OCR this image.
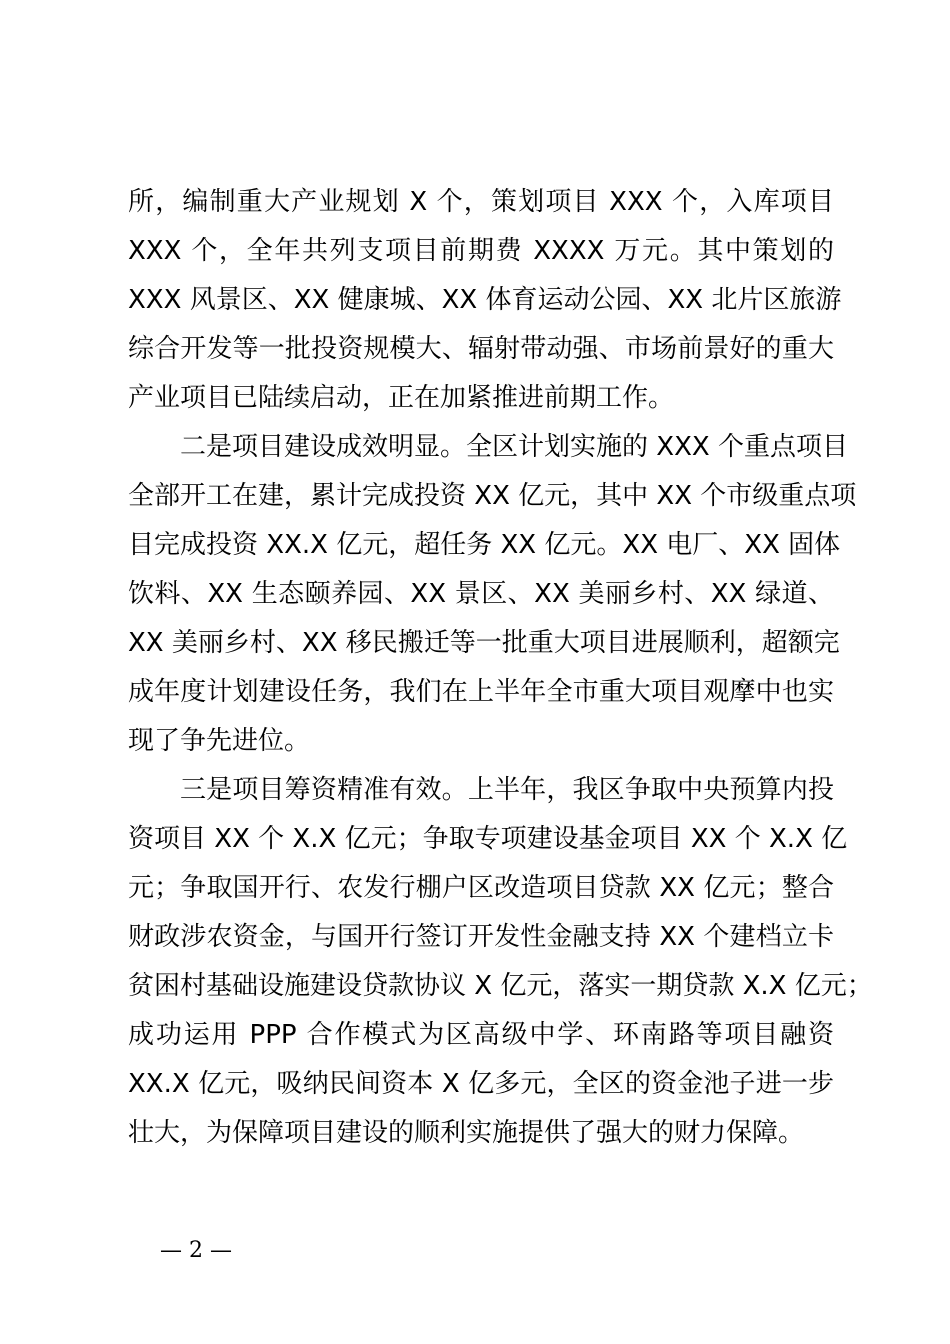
所，编制重大产业规划 X 个，策划项目 XXX 个，入库项目
XXX 个，全年共列支项目前期费 XXXX 万元。其中策划的
XXX 风景区、XX 健康城、XX 体育运动公园、XX 北片区旅游
综合开发等一批投资规模大、辐射带动强、市场前景好的重大
产业项目已陆续启动，正在加紧推进前期工作。
二是项目建设成效明显。全区计划实施的 XXX 个重点项目
全部开工在建，累计完成投资 XX 亿元，其中 XX 个市级重点项
目完成投资 XX.X 亿元，超任务 XX 亿元。XX 电厂、XX 固体
饮料、XX 生态颐养园、XX 景区、XX 美丽乡村、XX 绿道、
XX 美丽乡村、XX 移民搬迁等一批重大项目进展顺利，超额完
成年度计划建设任务，我们在上半年全市重大项目观摩中也实
现了争先进位。
三是项目筹资精准有效。上半年，我区争取中央预算内投
资项目 XX 个 X.X 亿元；争取专项建设基金项目 XX 个 X.X 亿
元；争取国开行、农发行棚户区改造项目贷款 XX 亿元；整合
财政涉农资金，与国开行签订开发性金融支持 XX 个建档立卡
贫困村基础设施建设贷款协议 X 亿元，落实一期贷款 X.X 亿元；
成功运用 PPP 合作模式为区高级中学、环南路等项目融资
XX.X 亿元，吸纳民间资本 X 亿多元，全区的资金池子进一步
壮大，为保障项目建设的顺利实施提供了强大的财力保障。
— 2 —
